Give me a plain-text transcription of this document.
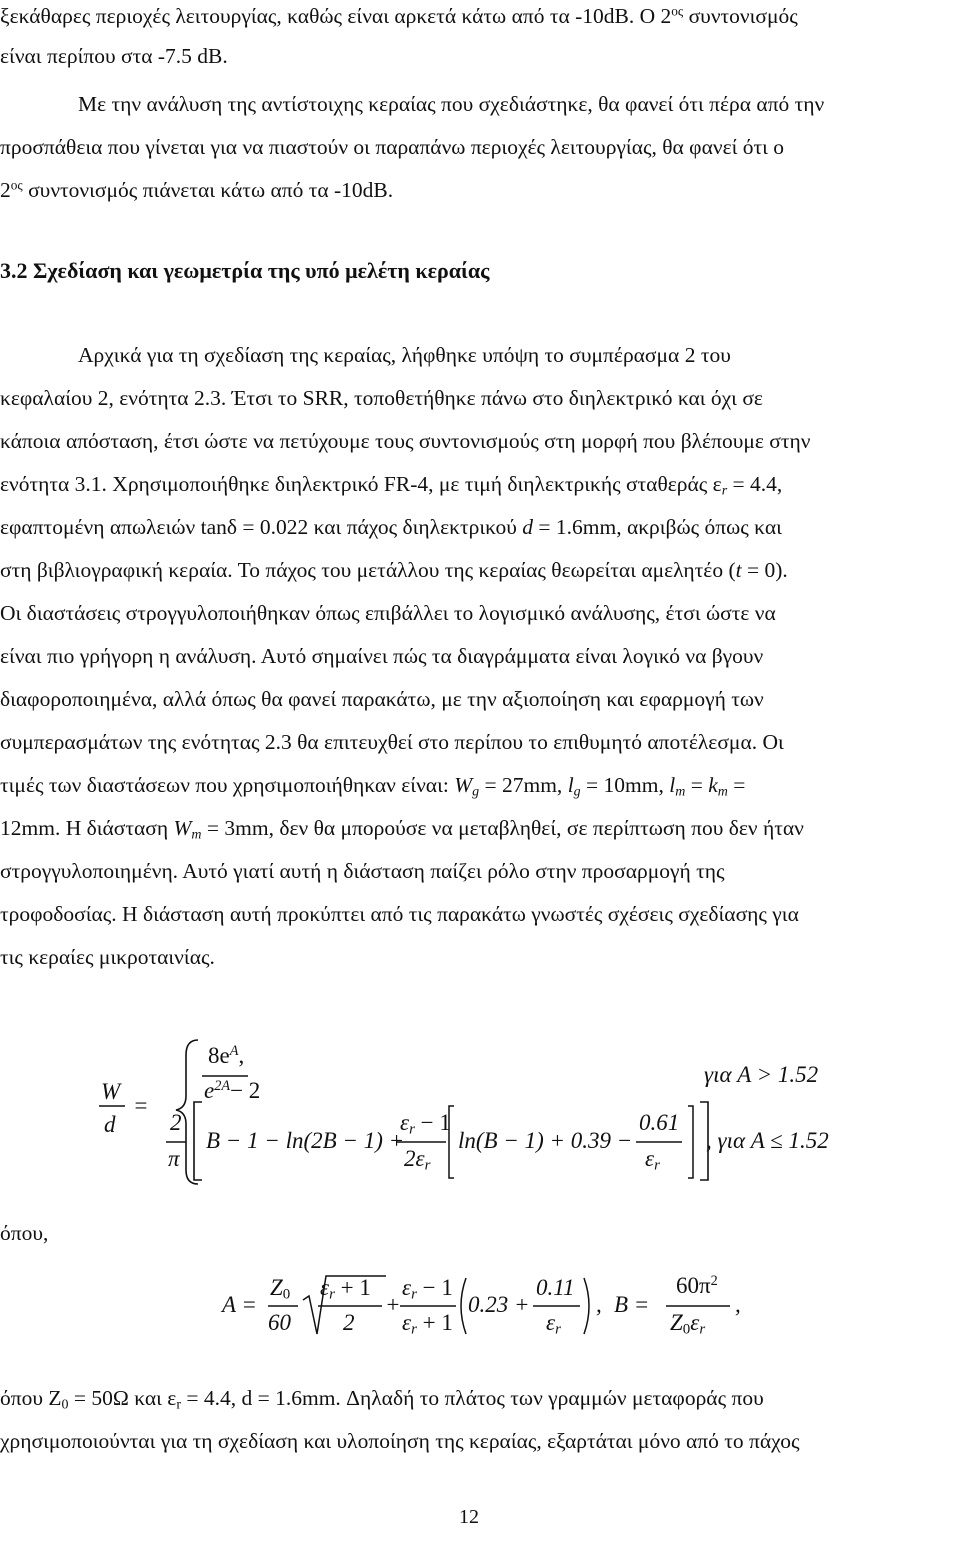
ξεκάθαρες περιοχές λειτουργίας, καθώς είναι αρκετά κάτω από τα -10dB. Ο $2^{o\varsigma}$ συντονισμός
είναι περίπου στα -7.5 dB.
Με την ανάλυση της αντίστοιχης κεραίας που σχεδιάστηκε, θα φανεί ότι πέρα από την
προσπάθεια που γίνεται για να πιαστούν οι παραπάνω περιοχές λειτουργίας, θα φανεί ότι ο
$2^{o\varsigma}$ συντονισμός πιάνεται κάτω από τα -10dB.
3.2 Σχεδίαση και γεωμετρία της υπό μελέτη κεραίας
Αρχικά για τη σχεδίαση της κεραίας, λήφθηκε υπόψη το συμπέρασμα 2 του
κεφαλαίου 2, ενότητα 2.3. Έτσι το SRR, τοποθετήθηκε πάνω στο διηλεκτρικό και όχι σε
κάποια απόσταση, έτσι ώστε να πετύχουμε τους συντονισμούς στη μορφή που βλέπουμε στην
ενότητα 3.1. Χρησιμοποιήθηκε διηλεκτρικό FR-4, με τιμή διηλεκτρικής σταθεράς $\varepsilon_r = 4.4$,
εφαπτομένη απωλειών tanδ = 0.022 και πάχος διηλεκτρικού d = 1.6mm, ακριβώς όπως και
στη βιβλιογραφική κεραία. Το πάχος του μετάλλου της κεραίας θεωρείται αμελητέο (t = 0).
Οι διαστάσεις στρογγυλοποιήθηκαν όπως επιβάλλει το λογισμικό ανάλυσης, έτσι ώστε να
είναι πιο γρήγορη η ανάλυση. Αυτό σημαίνει πώς τα διαγράμματα είναι λογικό να βγουν
διαφοροποιημένα, αλλά όπως θα φανεί παρακάτω, με την αξιοποίηση και εφαρμογή των
συμπερασμάτων της ενότητας 2.3 θα επιτευχθεί στο περίπου το επιθυμητό αποτέλεσμα. Οι
τιμές των διαστάσεων που χρησιμοποιήθηκαν είναι: $W_g = 27mm$, $l_g = 10mm$, $l_m = k_m$ =
12mm. Η διάσταση $W_m = 3mm$, δεν θα μπορούσε να μεταβληθεί, σε περίπτωση που δεν ήταν
στρογγυλοποιημένη. Αυτό γιατί αυτή η διάσταση παίζει ρόλο στην προσαρμογή της
τροφοδοσίας. Η διάσταση αυτή προκύπτει από τις παρακάτω γνωστές σχέσεις σχεδίασης για
τις κεραίες μικροταινίας.
W
d
=
$8e^A$,
$e^{2A}- 2$
για A > 1.52
2
π
B − 1 − ln(2B − 1) +
$\varepsilon_r - 1$
$2\varepsilon_r$
ln(B − 1) + 0.39 −
0.61
$\varepsilon_r$
, για A ≤ 1.52
όπου,
A =
$Z_0$
60
$\varepsilon_r + 1$
2
+
$\varepsilon_r - 1$
$\varepsilon_r + 1$
0.23 +
0.11
$\varepsilon_r$
, B =
$60\pi^2$
$Z_0\varepsilon_r$
,
όπου $Z_0 = 50\Omega$ και $\varepsilon_r = 4.4$, d = 1.6mm. Δηλαδή το πλάτος των γραμμών μεταφοράς που
χρησιμοποιούνται για τη σχεδίαση και υλοποίηση της κεραίας, εξαρτάται μόνο από το πάχος
12
